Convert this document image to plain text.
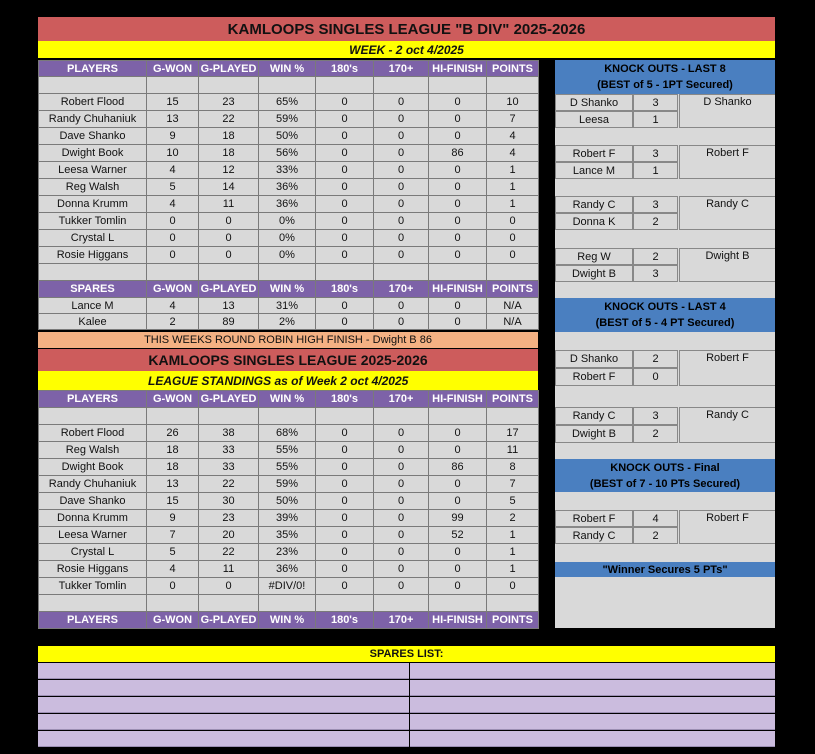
KAMLOOPS SINGLES LEAGUE "B DIV" 2025-2026
WEEK - 2 oct 4/2025
PLAYERS	G-WON	G-PLAYED	WIN %	180's	170+	HI-FINISH	POINTS

Robert Flood	15	23	65%	0	0	0	10
Randy Chuhaniuk	13	22	59%	0	0	0	7
Dave Shanko	9	18	50%	0	0	0	4
Dwight Book	10	18	56%	0	0	86	4
Leesa Warner	4	12	33%	0	0	0	1
Reg Walsh	5	14	36%	0	0	0	1
Donna Krumm	4	11	36%	0	0	0	1
Tukker Tomlin	0	0	0%	0	0	0	0
Crystal L	0	0	0%	0	0	0	0
Rosie Higgans	0	0	0%	0	0	0	0

SPARES	G-WON	G-PLAYED	WIN %	180's	170+	HI-FINISH	POINTS
Lance M	4	13	31%	0	0	0	N/A
Kalee	2	89	2%	0	0	0	N/A
THIS WEEKS ROUND ROBIN HIGH FINISH - Dwight B 86
KAMLOOPS SINGLES LEAGUE 2025-2026
LEAGUE STANDINGS as of Week 2 oct 4/2025
PLAYERS	G-WON	G-PLAYED	WIN %	180's	170+	HI-FINISH	POINTS

Robert Flood	26	38	68%	0	0	0	17
Reg Walsh	18	33	55%	0	0	0	11
Dwight Book	18	33	55%	0	0	86	8
Randy Chuhaniuk	13	22	59%	0	0	0	7
Dave Shanko	15	30	50%	0	0	0	5
Donna Krumm	9	23	39%	0	0	99	2
Leesa Warner	7	20	35%	0	0	52	1
Crystal L	5	22	23%	0	0	0	1
Rosie Higgans	4	11	36%	0	0	0	1
Tukker Tomlin	0	0	#DIV/0!	0	0	0	0

PLAYERS	G-WON	G-PLAYED	WIN %	180's	170+	HI-FINISH	POINTS
KNOCK OUTS - LAST 8
(BEST of 5 - 1PT Secured)
D Shanko	3
Leesa	1
D Shanko
Robert F	3
Lance M	1
Robert F
Randy C	3
Donna K	2
Randy C
Reg W	2
Dwight B	3
Dwight B
KNOCK OUTS - LAST 4
(BEST of 5 - 4 PT Secured)
D Shanko	2
Robert F	0
Robert F
Randy C	3
Dwight B	2
Randy C
KNOCK OUTS - Final
(BEST of 7 - 10 PTs Secured)
Robert F	4
Randy C	2
Robert F
"Winner Secures 5 PTs"
SPARES LIST:
